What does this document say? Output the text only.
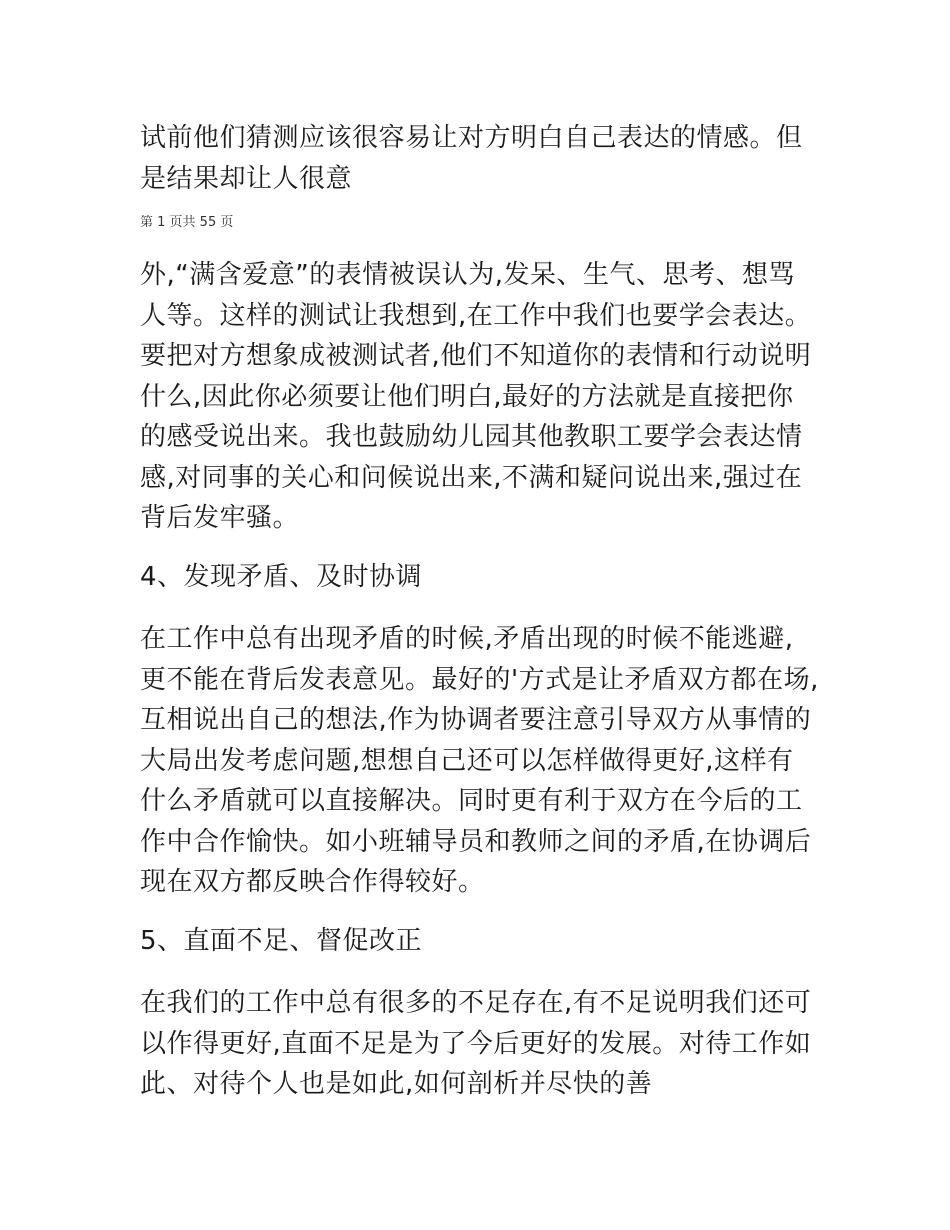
试前他们猜测应该很容易让对方明白自己表达的情感。但是结果却让人很意

第 1 页共 55 页

外,“满含爱意”的表情被误认为,发呆、生气、思考、想骂人等。这样的测试让我想到,在工作中我们也要学会表达。要把对方想象成被测试者,他们不知道你的表情和行动说明什么,因此你必须要让他们明白,最好的方法就是直接把你的感受说出来。我也鼓励幼儿园其他教职工要学会表达情感,对同事的关心和问候说出来,不满和疑问说出来,强过在背后发牢骚。

4、发现矛盾、及时协调

在工作中总有出现矛盾的时候,矛盾出现的时候不能逃避,更不能在背后发表意见。最好的'方式是让矛盾双方都在场,互相说出自己的想法,作为协调者要注意引导双方从事情的大局出发考虑问题,想想自己还可以怎样做得更好,这样有什么矛盾就可以直接解决。同时更有利于双方在今后的工作中合作愉快。如小班辅导员和教师之间的矛盾,在协调后现在双方都反映合作得较好。

5、直面不足、督促改正

在我们的工作中总有很多的不足存在,有不足说明我们还可以作得更好,直面不足是为了今后更好的发展。对待工作如此、对待个人也是如此,如何剖析并尽快的善
